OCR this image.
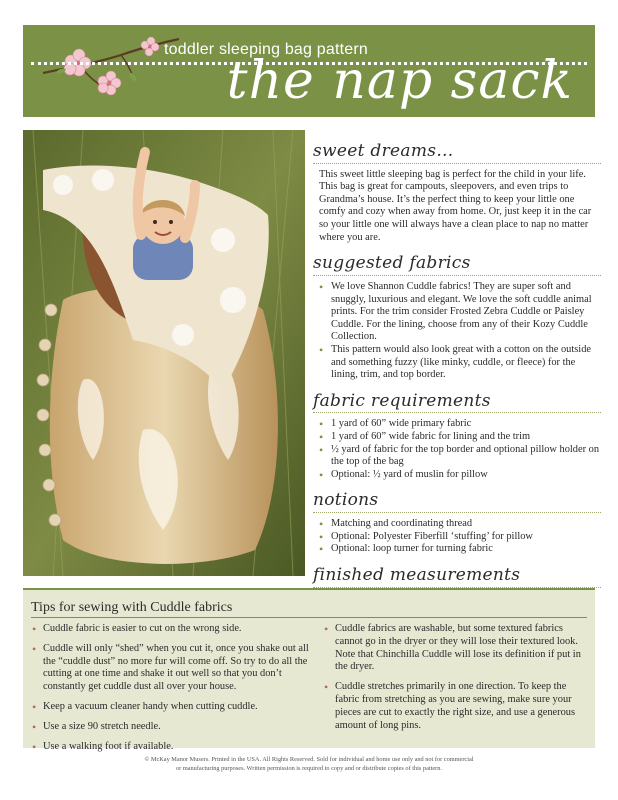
toddler sleeping bag pattern
the nap sack
sweet dreams…

This sweet little sleeping bag is perfect for the child in your life. This bag is great for campouts, sleepovers, and even trips to Grandma’s house. It’s the perfect thing to keep your little one comfy and cozy when away from home. Or, just keep it in the car so your little one will always have a clean place to nap no matter where you are.

suggested fabrics
• We love Shannon Cuddle fabrics! They are super soft and snuggly, luxurious and elegant. We love the soft cuddle animal prints. For the trim consider Frosted Zebra Cuddle or Paisley Cuddle. For the lining, choose from any of their Kozy Cuddle Collection.
• This pattern would also look great with a cotton on the outside and something fuzzy (like minky, cuddle, or fleece) for the lining, trim, and top border.
fabric requirements
• 1 yard of 60” wide primary fabric
• 1 yard of 60” wide fabric for lining and the trim
• ½ yard of fabric for the top border and optional pillow holder on the top of the bag
• Optional: ½ yard of muslin for pillow
notions
• Matching and coordinating thread
• Optional: Polyester Fiberfill ‘stuffing’ for pillow
• Optional: loop turner for turning fabric
finished measurements
•
Tips for sewing with Cuddle fabrics
• Cuddle fabric is easier to cut on the wrong side.
• Cuddle will only “shed” when you cut it, once you shake out all the “cuddle dust” no more fur will come off. So try to do all the cutting at one time and shake it out well so that you don’t constantly get cuddle dust all over your house.
• Keep a vacuum cleaner handy when cutting cuddle.
• Use a size 90 stretch needle.
• Use a walking foot if available.
• Cuddle fabrics are washable, but some textured fabrics cannot go in the dryer or they will lose their textured look. Note that Chinchilla Cuddle will lose its definition if put in the dryer.
• Cuddle stretches primarily in one direction. To keep the fabric from stretching as you are sewing, make sure your pieces are cut to exactly the right size, and use a generous amount of long pins.
© McKay Manor Musers. Printed in the USA. All Rights Reserved. Sold for individual and home use only and not for commercial
or manufacturing purposes. Written permission is required to copy and or distribute copies of this pattern.
